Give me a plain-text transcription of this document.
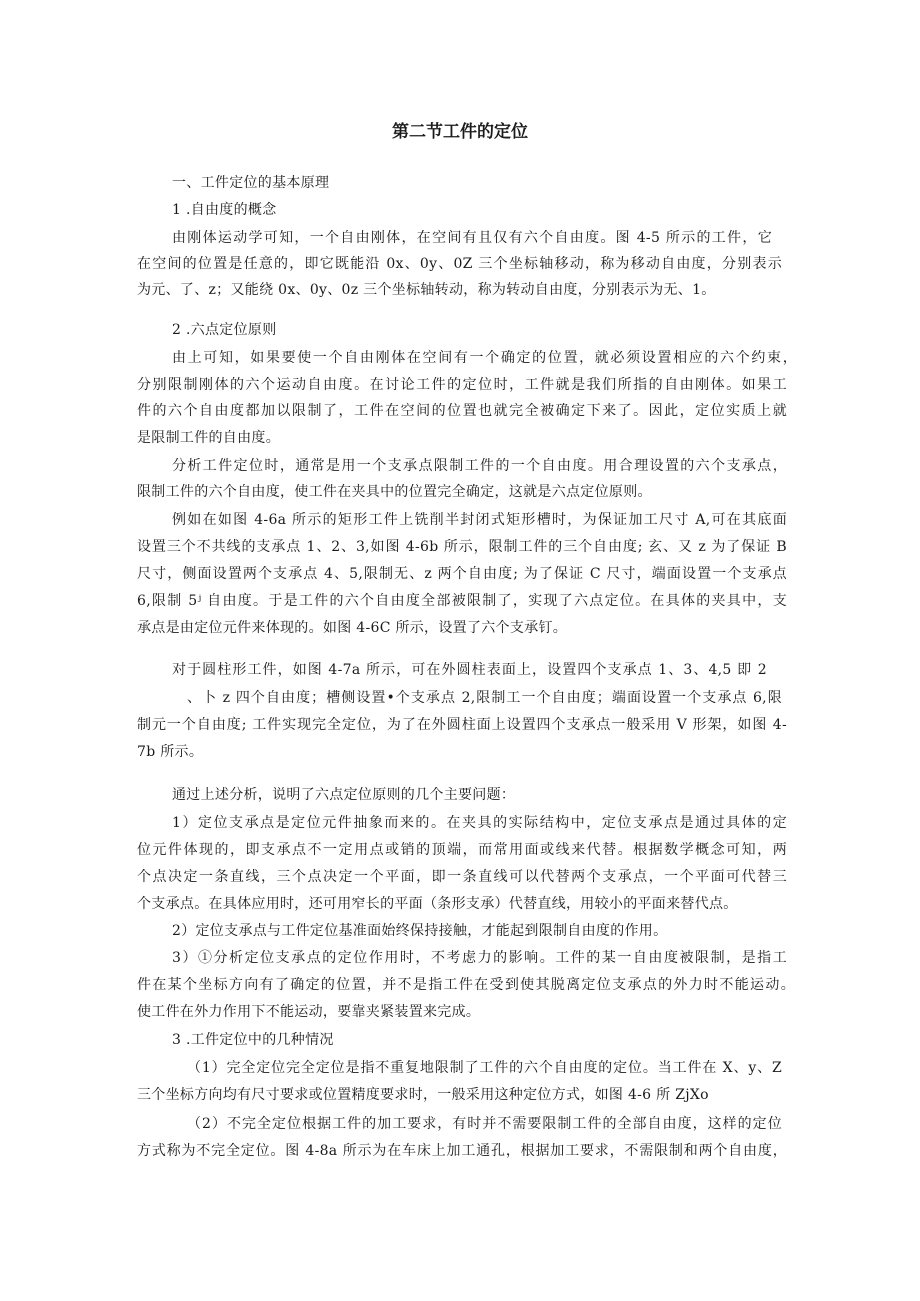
第二节工件的定位
一、工件定位的基本原理
1 .自由度的概念
由刚体运动学可知，一个自由刚体，在空间有且仅有六个自由度。图 4-5 所示的工件，它
在空间的位置是任意的，即它既能沿 0x、0y、0Z 三个坐标轴移动，称为移动自由度，分别表示
为元、了、z；又能绕 0x、0y、0z 三个坐标轴转动，称为转动自由度，分别表示为无、1。
2 .六点定位原则
由上可知，如果要使一个自由刚体在空间有一个确定的位置，就必须设置相应的六个约束，
分别限制刚体的六个运动自由度。在讨论工件的定位时，工件就是我们所指的自由刚体。如果工
件的六个自由度都加以限制了，工件在空间的位置也就完全被确定下来了。因此，定位实质上就
是限制工件的自由度。
分析工件定位时，通常是用一个支承点限制工件的一个自由度。用合理设置的六个支承点，
限制工件的六个自由度，使工件在夹具中的位置完全确定，这就是六点定位原则。
例如在如图 4-6a 所示的矩形工件上铣削半封闭式矩形槽时，为保证加工尺寸 A,可在其底面
设置三个不共线的支承点 1、2、3,如图 4-6b 所示，限制工件的三个自由度; 玄、又 z 为了保证 B
尺寸，侧面设置两个支承点 4、5,限制无、z 两个自由度; 为了保证 C 尺寸，端面设置一个支承点
6,限制 5ʲ 自由度。于是工件的六个自由度全部被限制了，实现了六点定位。在具体的夹具中，支
承点是由定位元件来体现的。如图 4-6C 所示，设置了六个支承钉。
对于圆柱形工件，如图 4-7a 所示，可在外圆柱表面上，设置四个支承点 1、3、4,5 即 2
、卜 z 四个自由度；槽侧设置•个支承点 2,限制工一个自由度；端面设置一个支承点 6,限
制元一个自由度; 工件实现完全定位，为了在外圆柱面上设置四个支承点一般采用 V 形架，如图 4-
7b 所示。
通过上述分析，说明了六点定位原则的几个主要问题：
1）定位支承点是定位元件抽象而来的。在夹具的实际结构中，定位支承点是通过具体的定
位元件体现的，即支承点不一定用点或销的顶端，而常用面或线来代替。根据数学概念可知，两
个点决定一条直线，三个点决定一个平面，即一条直线可以代替两个支承点，一个平面可代替三
个支承点。在具体应用时，还可用窄长的平面（条形支承）代替直线，用较小的平面来替代点。
2）定位支承点与工件定位基准面始终保持接触，才能起到限制自由度的作用。
3）①分析定位支承点的定位作用时，不考虑力的影响。工件的某一自由度被限制，是指工
件在某个坐标方向有了确定的位置，并不是指工件在受到使其脱离定位支承点的外力时不能运动。
使工件在外力作用下不能运动，要靠夹紧装置来完成。
3 .工件定位中的几种情况
（1）完全定位完全定位是指不重复地限制了工件的六个自由度的定位。当工件在 X、y、Z
三个坐标方向均有尺寸要求或位置精度要求时，一般采用这种定位方式，如图 4-6 所 ZjXo
（2）不完全定位根据工件的加工要求，有时并不需要限制工件的全部自由度，这样的定位
方式称为不完全定位。图 4-8a 所示为在车床上加工通孔，根据加工要求，不需限制和两个自由度，
